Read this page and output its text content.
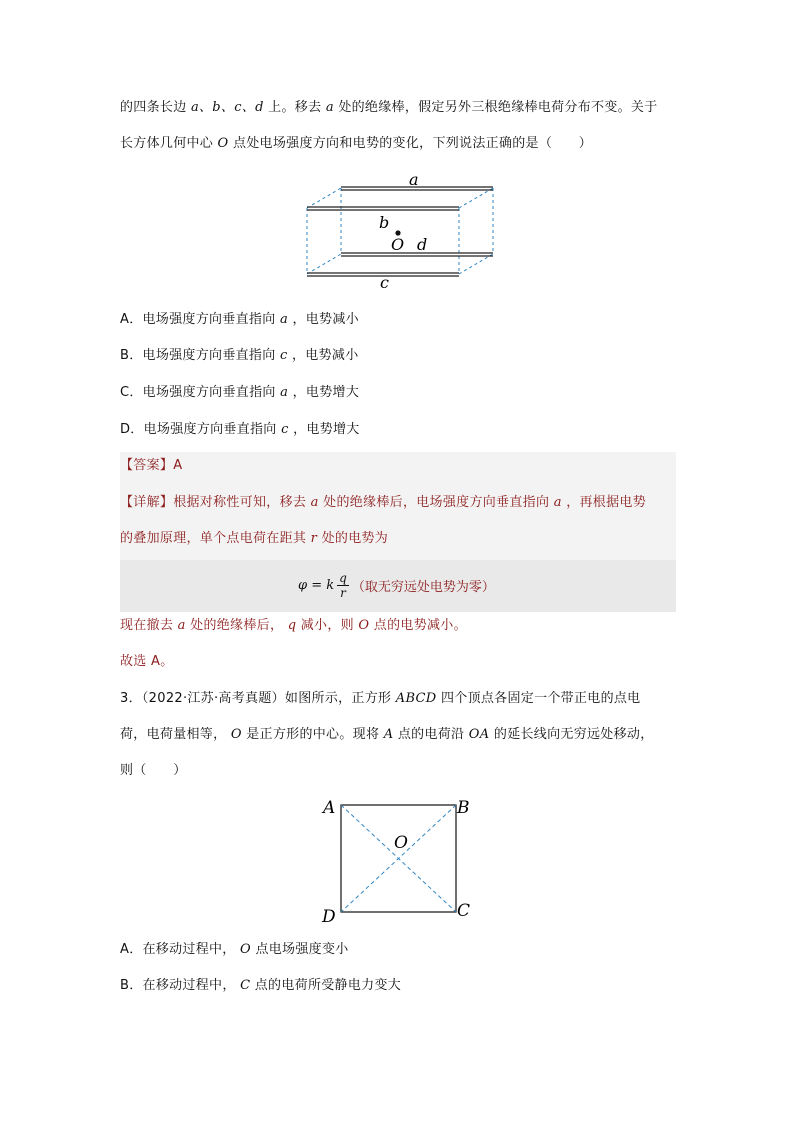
的四条长边 a、b、c、d 上。移去 a 处的绝缘棒，假定另外三根绝缘棒电荷分布不变。关于
长方体几何中心 O 点处电场强度方向和电势的变化，下列说法正确的是（　　）
a
b
O d
c
A．电场强度方向垂直指向 a ，电势减小
B．电场强度方向垂直指向 c ，电势减小
C．电场强度方向垂直指向 a ，电势增大
D．电场强度方向垂直指向 c ，电势增大
【答案】A
【详解】根据对称性可知，移去 a 处的绝缘棒后，电场强度方向垂直指向 a ，再根据电势
的叠加原理，单个点电荷在距其 r 处的电势为
φ = k $\frac{q}{r}$ （取无穷远处电势为零）
现在撤去 a 处的绝缘棒后， q 减小，则 O 点的电势减小。
故选 A。
3．（2022·江苏·高考真题）如图所示，正方形 ABCD 四个顶点各固定一个带正电的点电
荷，电荷量相等， O 是正方形的中心。现将 A 点的电荷沿 OA 的延长线向无穷远处移动，
则（　　）
A	B
C
D
O
A．在移动过程中， O 点电场强度变小
B．在移动过程中， C 点的电荷所受静电力变大
